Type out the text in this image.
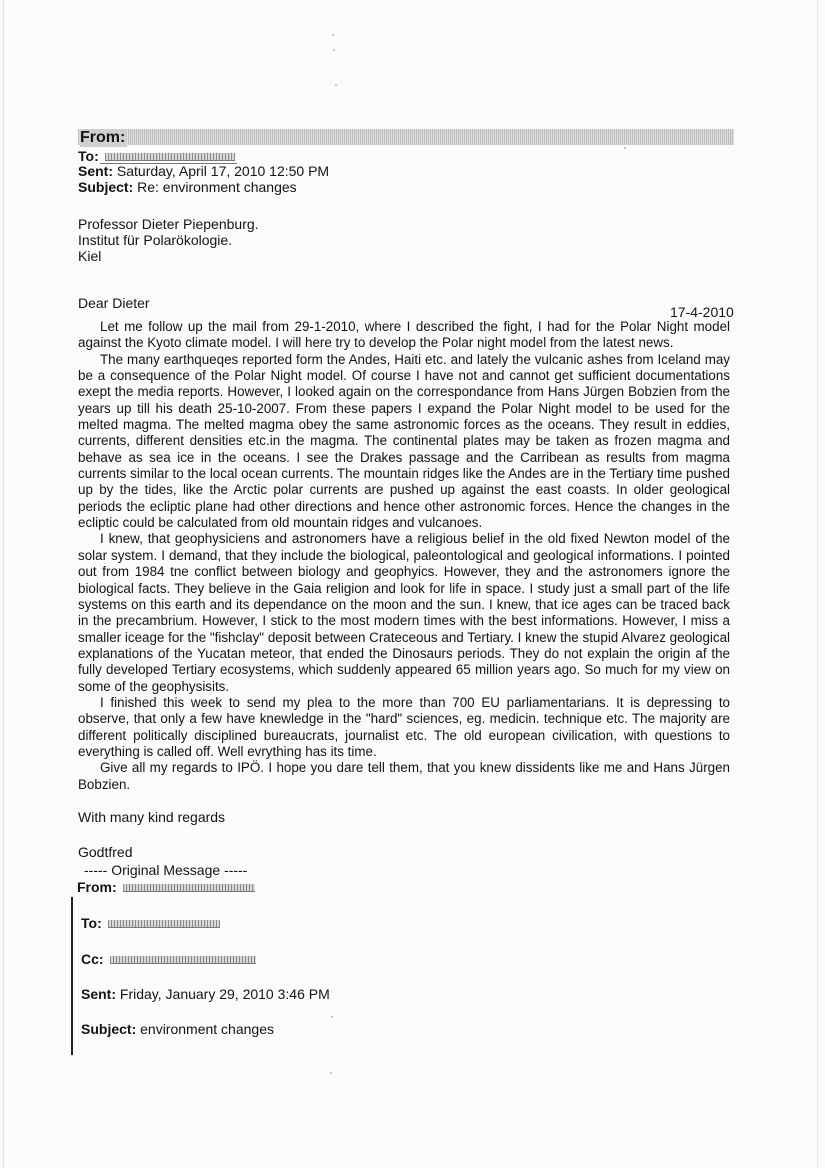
From:
To:
Sent: Saturday, April 17, 2010 12:50 PM
Subject: Re: environment changes
Professor Dieter Piepenburg.
Institut für Polarökologie.
Kiel
Dear Dieter
17-4-2010

Let me follow up the mail from 29-1-2010, where I described the fight, I had for the Polar Night model against the Kyoto climate model. I will here try to develop the Polar night model from the latest news.

The many earthqueqes reported form the Andes, Haiti etc. and lately the vulcanic ashes from Iceland may be a consequence of the Polar Night model. Of course I have not and cannot get sufficient documentations exept the media reports. However, I looked again on the correspondance from Hans Jürgen Bobzien from the years up till his death 25-10-2007. From these papers I expand the Polar Night model to be used for the melted magma. The melted magma obey the same astronomic forces as the oceans. They result in eddies, currents, different densities etc.in the magma. The continental plates may be taken as frozen magma and behave as sea ice in the oceans. I see the Drakes passage and the Carribean as results from magma currents similar to the local ocean currents. The mountain ridges like the Andes are in the Tertiary time pushed up by the tides, like the Arctic polar currents are pushed up against the east coasts. In older geological periods the ecliptic plane had other directions and hence other astronomic forces. Hence the changes in the ecliptic could be calculated from old mountain ridges and vulcanoes.

I knew, that geophysiciens and astronomers have a religious belief in the old fixed Newton model of the solar system. I demand, that they include the biological, paleontological and geological informations. I pointed out from 1984 tne conflict between biology and geophyics. However, they and the astronomers ignore the biological facts. They believe in the Gaia religion and look for life in space. I study just a small part of the life systems on this earth and its dependance on the moon and the sun. I knew, that ice ages can be traced back in the precambrium. However, I stick to the most modern times with the best informations. However, I miss a smaller iceage for the "fishclay" deposit between Crateceous and Tertiary. I knew the stupid Alvarez geological explanations of the Yucatan meteor, that ended the Dinosaurs periods. They do not explain the origin af the fully developed Tertiary ecosystems, which suddenly appeared 65 million years ago. So much for my view on some of the geophysisits.

I finished this week to send my plea to the more than 700 EU parliamentarians. It is depressing to observe, that only a few have knewledge in the "hard" sciences, eg. medicin. technique etc. The majority are different politically disciplined bureaucrats, journalist etc. The old european civilication, with questions to everything is called off. Well evrything has its time.

Give all my regards to IPÖ. I hope you dare tell them, that you knew dissidents like me and Hans Jürgen Bobzien.

With many kind regards
Godtfred
----- Original Message -----
From:
To:
Cc:
Sent: Friday, January 29, 2010 3:46 PM
Subject: environment changes
